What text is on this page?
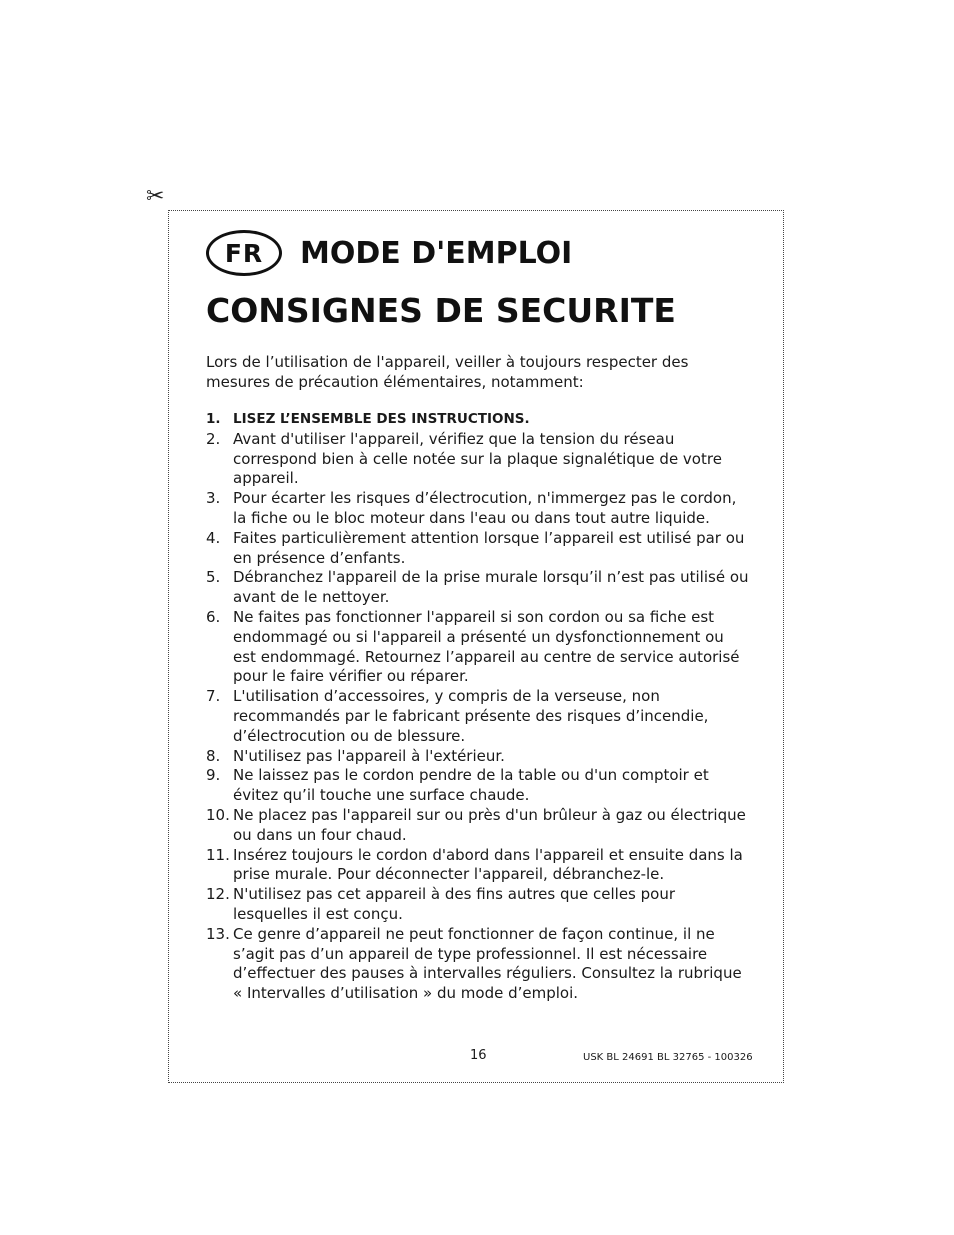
✂
FR	MODE D'EMPLOI
CONSIGNES DE SECURITE

Lors de l’utilisation de l'appareil, veiller à toujours respecter des mesures de précaution élémentaires, notamment:

1. LISEZ L’ENSEMBLE DES INSTRUCTIONS.
2. Avant d'utiliser l'appareil, vérifiez que la tension du réseau correspond bien à celle notée sur la plaque signalétique de votre appareil.
3. Pour écarter les risques d’électrocution, n'immergez pas le cordon, la fiche ou le bloc moteur dans l'eau ou dans tout autre liquide.
4. Faites particulièrement attention lorsque l’appareil est utilisé par ou en présence d’enfants.
5. Débranchez l'appareil de la prise murale lorsqu’il n’est pas utilisé ou avant de le nettoyer.
6. Ne faites pas fonctionner l'appareil si son cordon ou sa fiche est endommagé ou si l'appareil a présenté un dysfonctionnement ou est endommagé. Retournez l’appareil au centre de service autorisé pour le faire vérifier ou réparer.
7. L'utilisation d’accessoires, y compris de la verseuse, non recommandés par le fabricant présente des risques d’incendie, d’électrocution ou de blessure.
8. N'utilisez pas l'appareil à l'extérieur.
9. Ne laissez pas le cordon pendre de la table ou d'un comptoir et évitez qu’il touche une surface chaude.
10. Ne placez pas l'appareil sur ou près d'un brûleur à gaz ou électrique ou dans un four chaud.
11. Insérez toujours le cordon d'abord dans l'appareil et ensuite dans la prise murale. Pour déconnecter l'appareil, débranchez-le.
12. N'utilisez pas cet appareil à des fins autres que celles pour lesquelles il est conçu.
13. Ce genre d’appareil ne peut fonctionner de façon continue, il ne s’agit pas d’un appareil de type professionnel. Il est nécessaire d’effectuer des pauses à intervalles réguliers. Consultez la rubrique « Intervalles d’utilisation » du mode d’emploi.
16	USK BL 24691 BL 32765 - 100326
